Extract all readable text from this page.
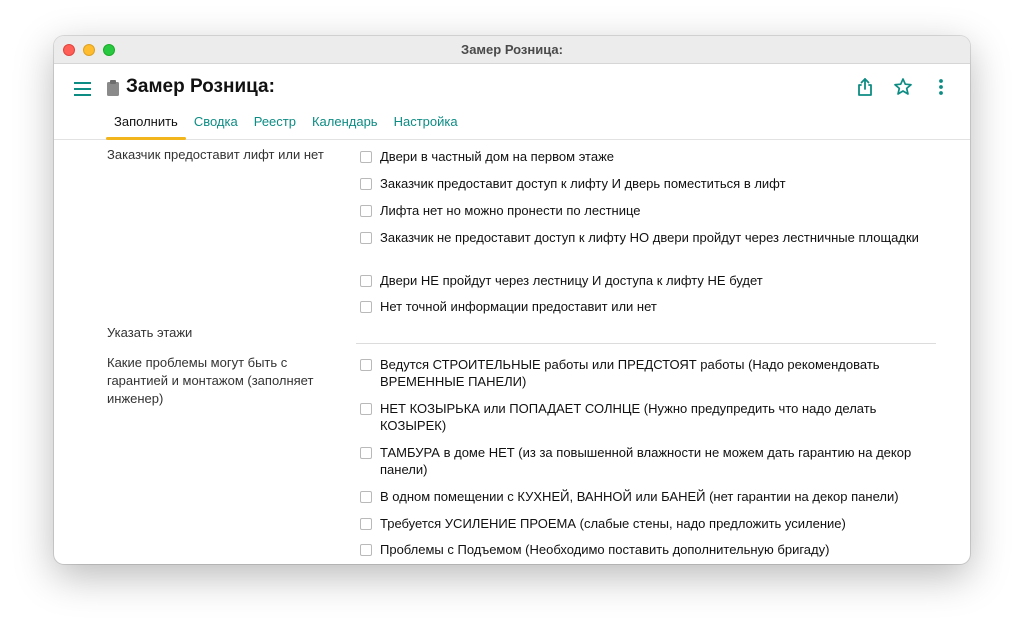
Замер Розница:
Замер Розница:
Заполнить	Сводка	Реестр	Календарь	Настройка
Заказчик предоставит лифт или нет	Двери в частный дом на первом этаже
Заказчик предоставит доступ к лифту И дверь поместиться в лифт
Лифта нет но можно пронести по лестнице
Заказчик не предоставит доступ к лифту НО двери пройдут через лестничные площадки
Двери НЕ пройдут через лестницу И доступа к лифту НЕ будет
Нет точной информации предоставит или нет
Указать этажи
Какие проблемы могут быть с гарантией и монтажом (заполняет инженер)
Ведутся СТРОИТЕЛЬНЫЕ работы или ПРЕДСТОЯТ работы (Надо рекомендовать ВРЕМЕННЫЕ ПАНЕЛИ)
НЕТ КОЗЫРЬКА или ПОПАДАЕТ СОЛНЦЕ (Нужно предупредить что надо делать КОЗЫРЕК)
ТАМБУРА в доме НЕТ (из за повышенной влажности не можем дать гарантию на декор панели)
В одном помещении с КУХНЕЙ, ВАННОЙ или БАНЕЙ (нет гарантии на декор панели)
Требуется УСИЛЕНИЕ ПРОЕМА (слабые стены, надо предложить усиление)
Проблемы с Подъемом (Необходимо поставить дополнительную бригаду)
